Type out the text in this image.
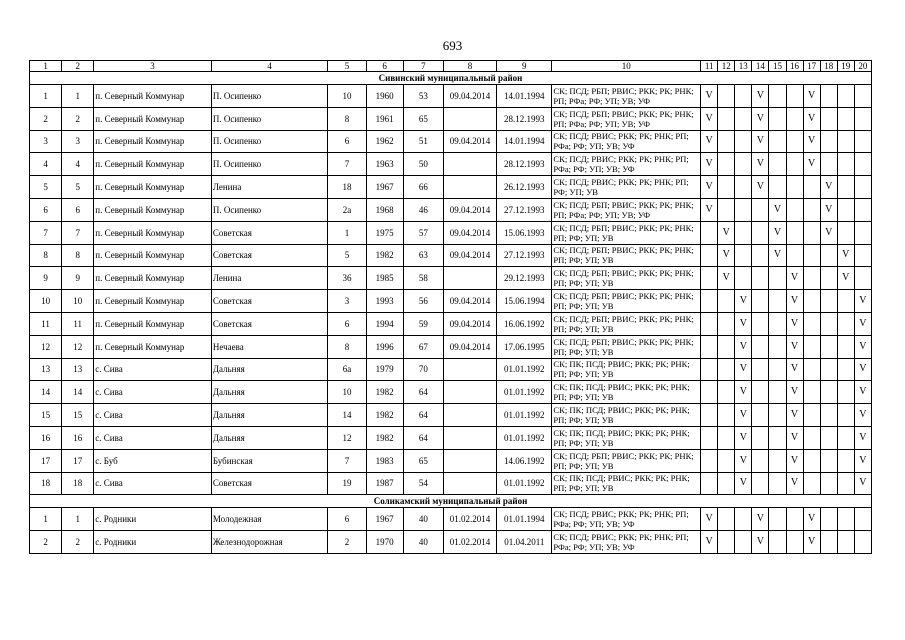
693
1	2	3	4	5	6	7	8	9	10	11	12	13	14	15	16	17	18	19	20
Сивинский муниципальный район																			
1	1	п. Северный Коммунар	П. Осипенко	10	1960	53	09.04.2014	14.01.1994	СК; ПСД; РБП; РВИС; РКК; РК; РНК; РП; РФа; РФ; УП; УВ; УФ	V			V			V			
2	2	п. Северный Коммунар	П. Осипенко	8	1961	65		28.12.1993	СК; ПСД; РБП; РВИС; РКК; РК; РНК; РП; РФа; РФ; УП; УВ; УФ	V			V			V			
3	3	п. Северный Коммунар	П. Осипенко	6	1962	51	09.04.2014	14.01.1994	СК; ПСД; РВИС; РКК; РК; РНК; РП; РФа; РФ; УП; УВ; УФ	V			V			V			
4	4	п. Северный Коммунар	П. Осипенко	7	1963	50		28.12.1993	СК; ПСД; РВИС; РКК; РК; РНК; РП; РФа; РФ; УП; УВ; УФ	V			V			V			
5	5	п. Северный Коммунар	Ленина	18	1967	66		26.12.1993	СК; ПСД; РВИС; РКК; РК; РНК; РП; РФ; УП; УВ	V			V				V		
6	6	п. Северный Коммунар	П. Осипенко	2а	1968	46	09.04.2014	27.12.1993	СК; ПСД; РБП; РВИС; РКК; РК; РНК; РП; РФа; РФ; УП; УВ; УФ	V				V			V		
7	7	п. Северный Коммунар	Советская	1	1975	57	09.04.2014	15.06.1993	СК; ПСД; РБП; РВИС; РКК; РК; РНК; РП; РФ; УП; УВ		V			V			V		
8	8	п. Северный Коммунар	Советская	5	1982	63	09.04.2014	27.12.1993	СК; ПСД; РБП; РВИС; РКК; РК; РНК; РП; РФ; УП; УВ		V			V				V	
9	9	п. Северный Коммунар	Ленина	36	1985	58		29.12.1993	СК; ПСД; РБП; РВИС; РКК; РК; РНК; РП; РФ; УП; УВ		V				V			V	
10	10	п. Северный Коммунар	Советская	3	1993	56	09.04.2014	15.06.1994	СК; ПСД; РБП; РВИС; РКК; РК; РНК; РП; РФ; УП; УВ			V			V				V
11	11	п. Северный Коммунар	Советская	6	1994	59	09.04.2014	16.06.1992	СК; ПСД; РБП; РВИС; РКК; РК; РНК; РП; РФ; УП; УВ			V			V				V
12	12	п. Северный Коммунар	Нечаева	8	1996	67	09.04.2014	17.06.1995	СК; ПСД; РБП; РВИС; РКК; РК; РНК; РП; РФ; УП; УВ			V			V				V
13	13	с. Сива	Дальняя	6а	1979	70		01.01.1992	СК; ПК; ПСД; РВИС; РКК; РК; РНК; РП; РФ; УП; УВ			V			V				V
14	14	с. Сива	Дальняя	10	1982	64		01.01.1992	СК; ПК; ПСД; РВИС; РКК; РК; РНК; РП; РФ; УП; УВ			V			V				V
15	15	с. Сива	Дальняя	14	1982	64		01.01.1992	СК; ПК; ПСД; РВИС; РКК; РК; РНК; РП; РФ; УП; УВ			V			V				V
16	16	с. Сива	Дальняя	12	1982	64		01.01.1992	СК; ПК; ПСД; РВИС; РКК; РК; РНК; РП; РФ; УП; УВ			V			V				V
17	17	с. Буб	Бубинская	7	1983	65		14.06.1992	СК; ПСД; РБП; РВИС; РКК; РК; РНК; РП; РФ; УП; УВ			V			V				V
18	18	с. Сива	Советская	19	1987	54		01.01.1992	СК; ПК; ПСД; РВИС; РКК; РК; РНК; РП; РФ; УП; УВ			V			V				V
Соликамский муниципальный район																			
1	1	с. Родники	Молодежная	6	1967	40	01.02.2014	01.01.1994	СК; ПСД; РВИС; РКК; РК; РНК; РП; РФа; РФ; УП; УВ; УФ	V			V			V			
2	2	с. Родники	Железнодорожная	2	1970	40	01.02.2014	01.04.2011	СК; ПСД; РВИС; РКК; РК; РНК; РП; РФа; РФ; УП; УВ; УФ	V			V			V			
